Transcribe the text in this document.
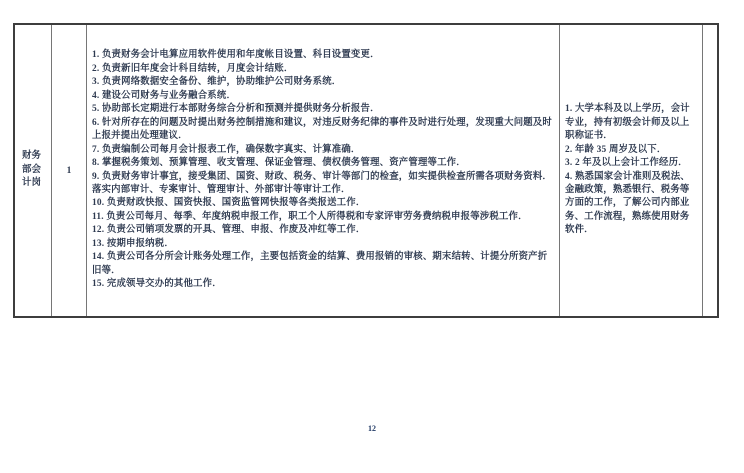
财务部会计岗
1
1. 负责财务会计电算应用软件使用和年度帐目设置、科目设置变更．
2. 负责新旧年度会计科目结转，月度会计结账．
3. 负责网络数据安全备份、维护，协助维护公司财务系统．
4. 建设公司财务与业务融合系统．
5. 协助部长定期进行本部财务综合分析和预测并提供财务分析报告．
6. 针对所存在的问题及时提出财务控制措施和建议，对违反财务纪律的事件及时进行处理，发现重大问题及时上报并提出处理建议．
7. 负责编制公司每月会计报表工作，确保数字真实、计算准确．
8. 掌握税务策划、预算管理、收支管理、保证金管理、债权债务管理、资产管理等工作．
9. 负责财务审计事宜，接受集团、国资、财政、税务、审计等部门的检查，如实提供检查所需各项财务资料．落实内部审计、专案审计、管理审计、外部审计等审计工作．
10. 负责财政快报、国资快报、国资监管网快报等各类报送工作．
11. 负责公司每月、每季、年度纳税申报工作，职工个人所得税和专家评审劳务费纳税申报等涉税工作．
12. 负责公司销项发票的开具、管理、申报、作废及冲红等工作．
13. 按期申报纳税．
14. 负责公司各分所会计账务处理工作，主要包括资金的结算、费用报销的审核、期末结转、计提分所资产折旧等．
15. 完成领导交办的其他工作．
1. 大学本科及以上学历，会计专业，持有初级会计师及以上职称证书．
2. 年龄 35 周岁及以下．
3. 2 年及以上会计工作经历．
4. 熟悉国家会计准则及税法、金融政策，熟悉银行、税务等方面的工作，了解公司内部业务、工作流程，熟练使用财务软件．
12
